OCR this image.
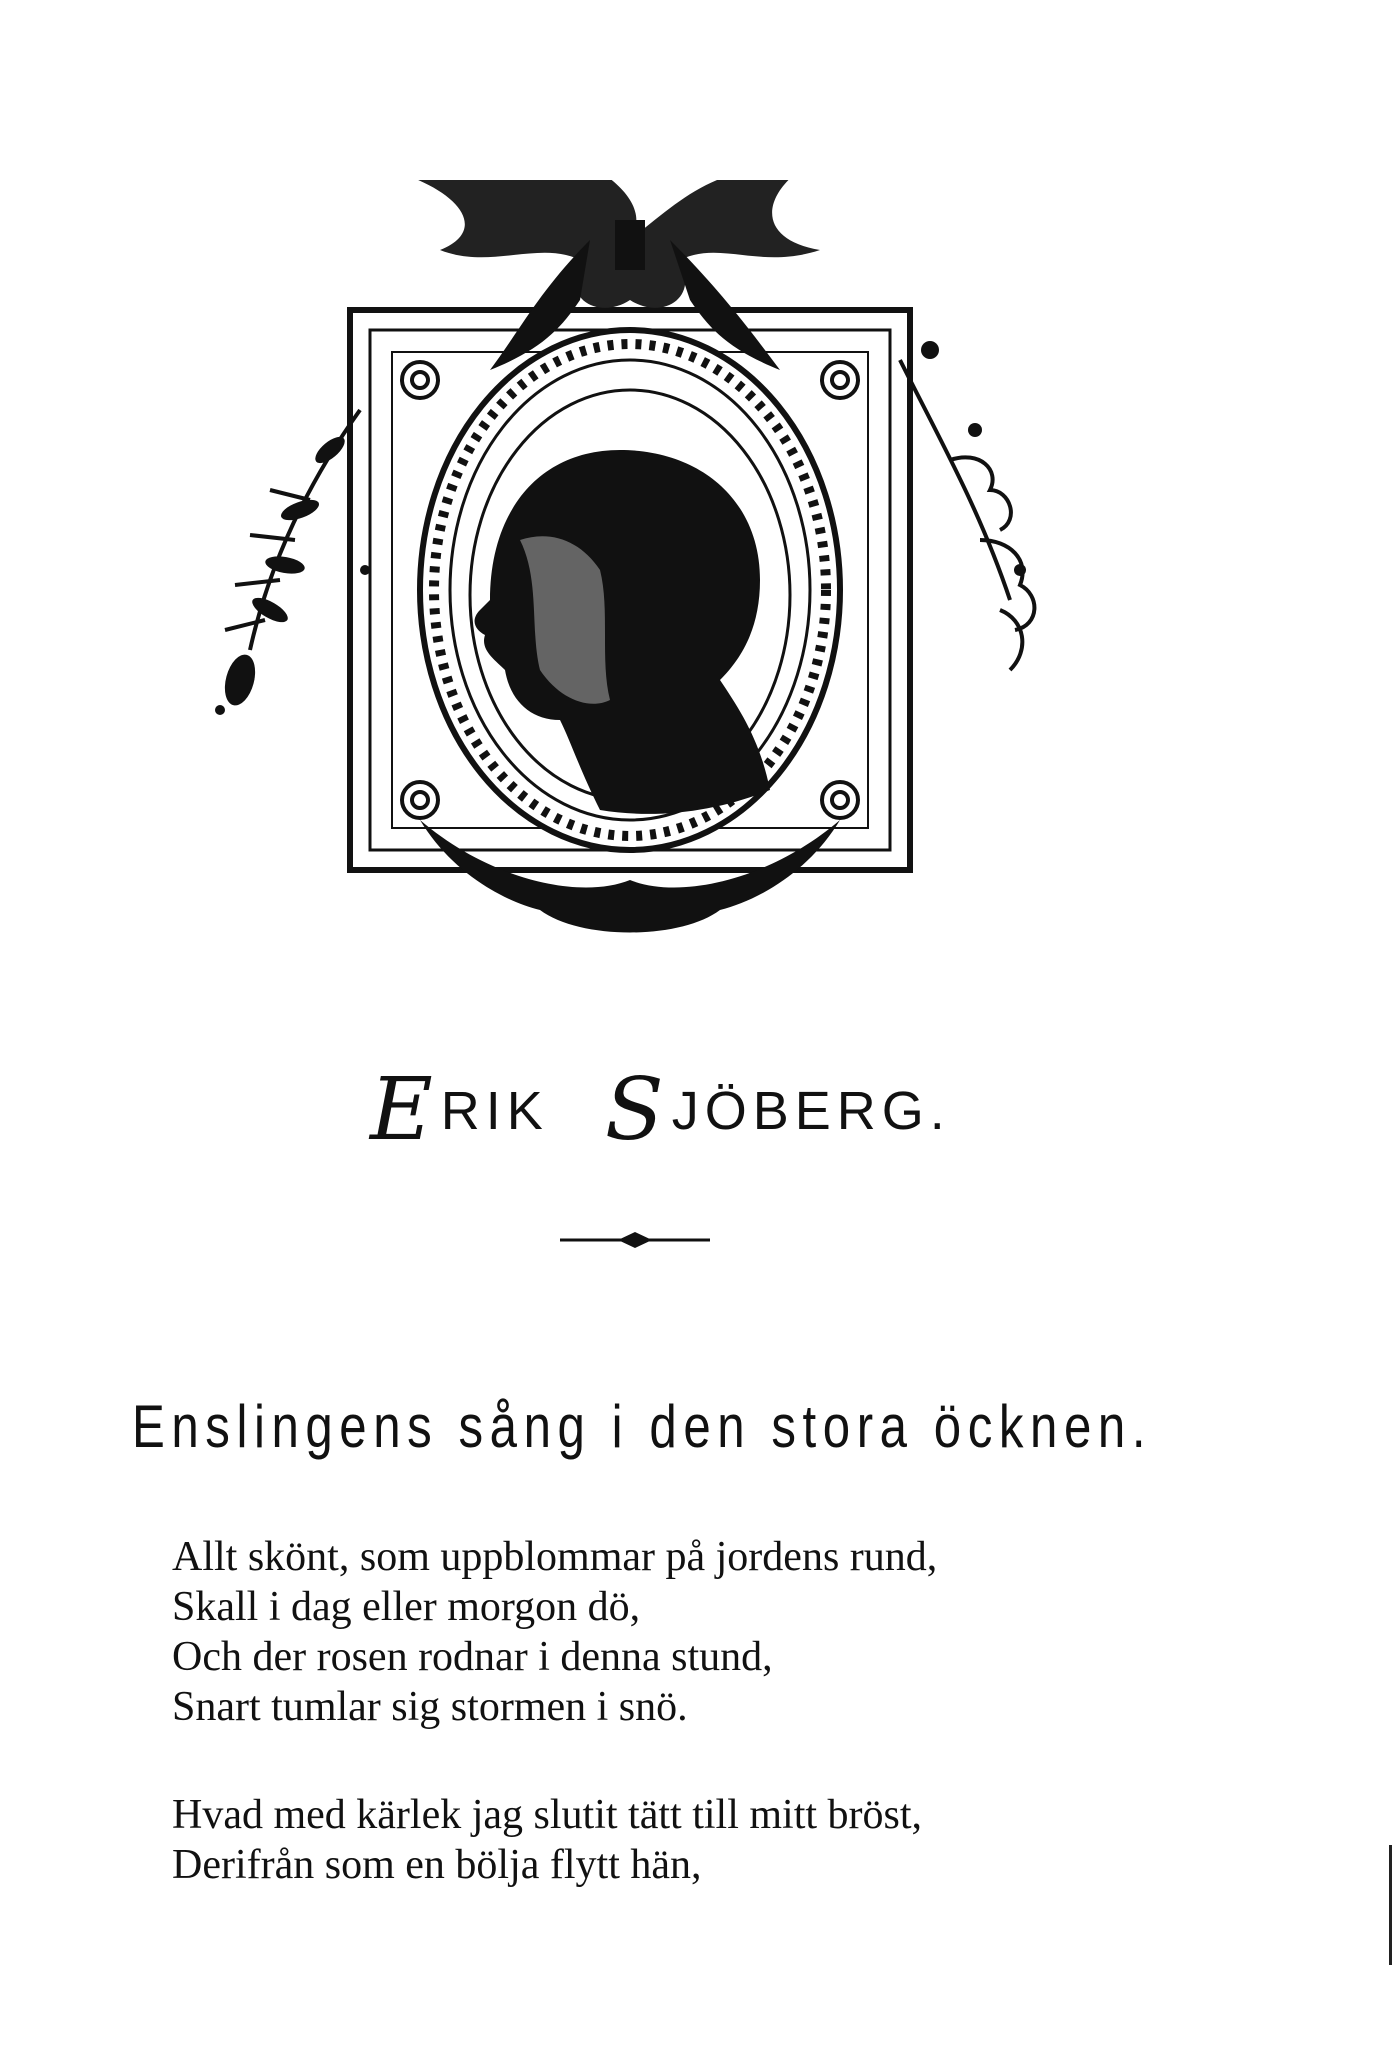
ERIK SJÖBERG.
Enslingens sång i den stora öcknen.
Allt skönt, som uppblommar på jordens rund,
Skall i dag eller morgon dö,
Och der rosen rodnar i denna stund,
Snart tumlar sig stormen i snö.
Hvad med kärlek jag slutit tätt till mitt bröst,
Derifrån som en bölja flytt hän,
